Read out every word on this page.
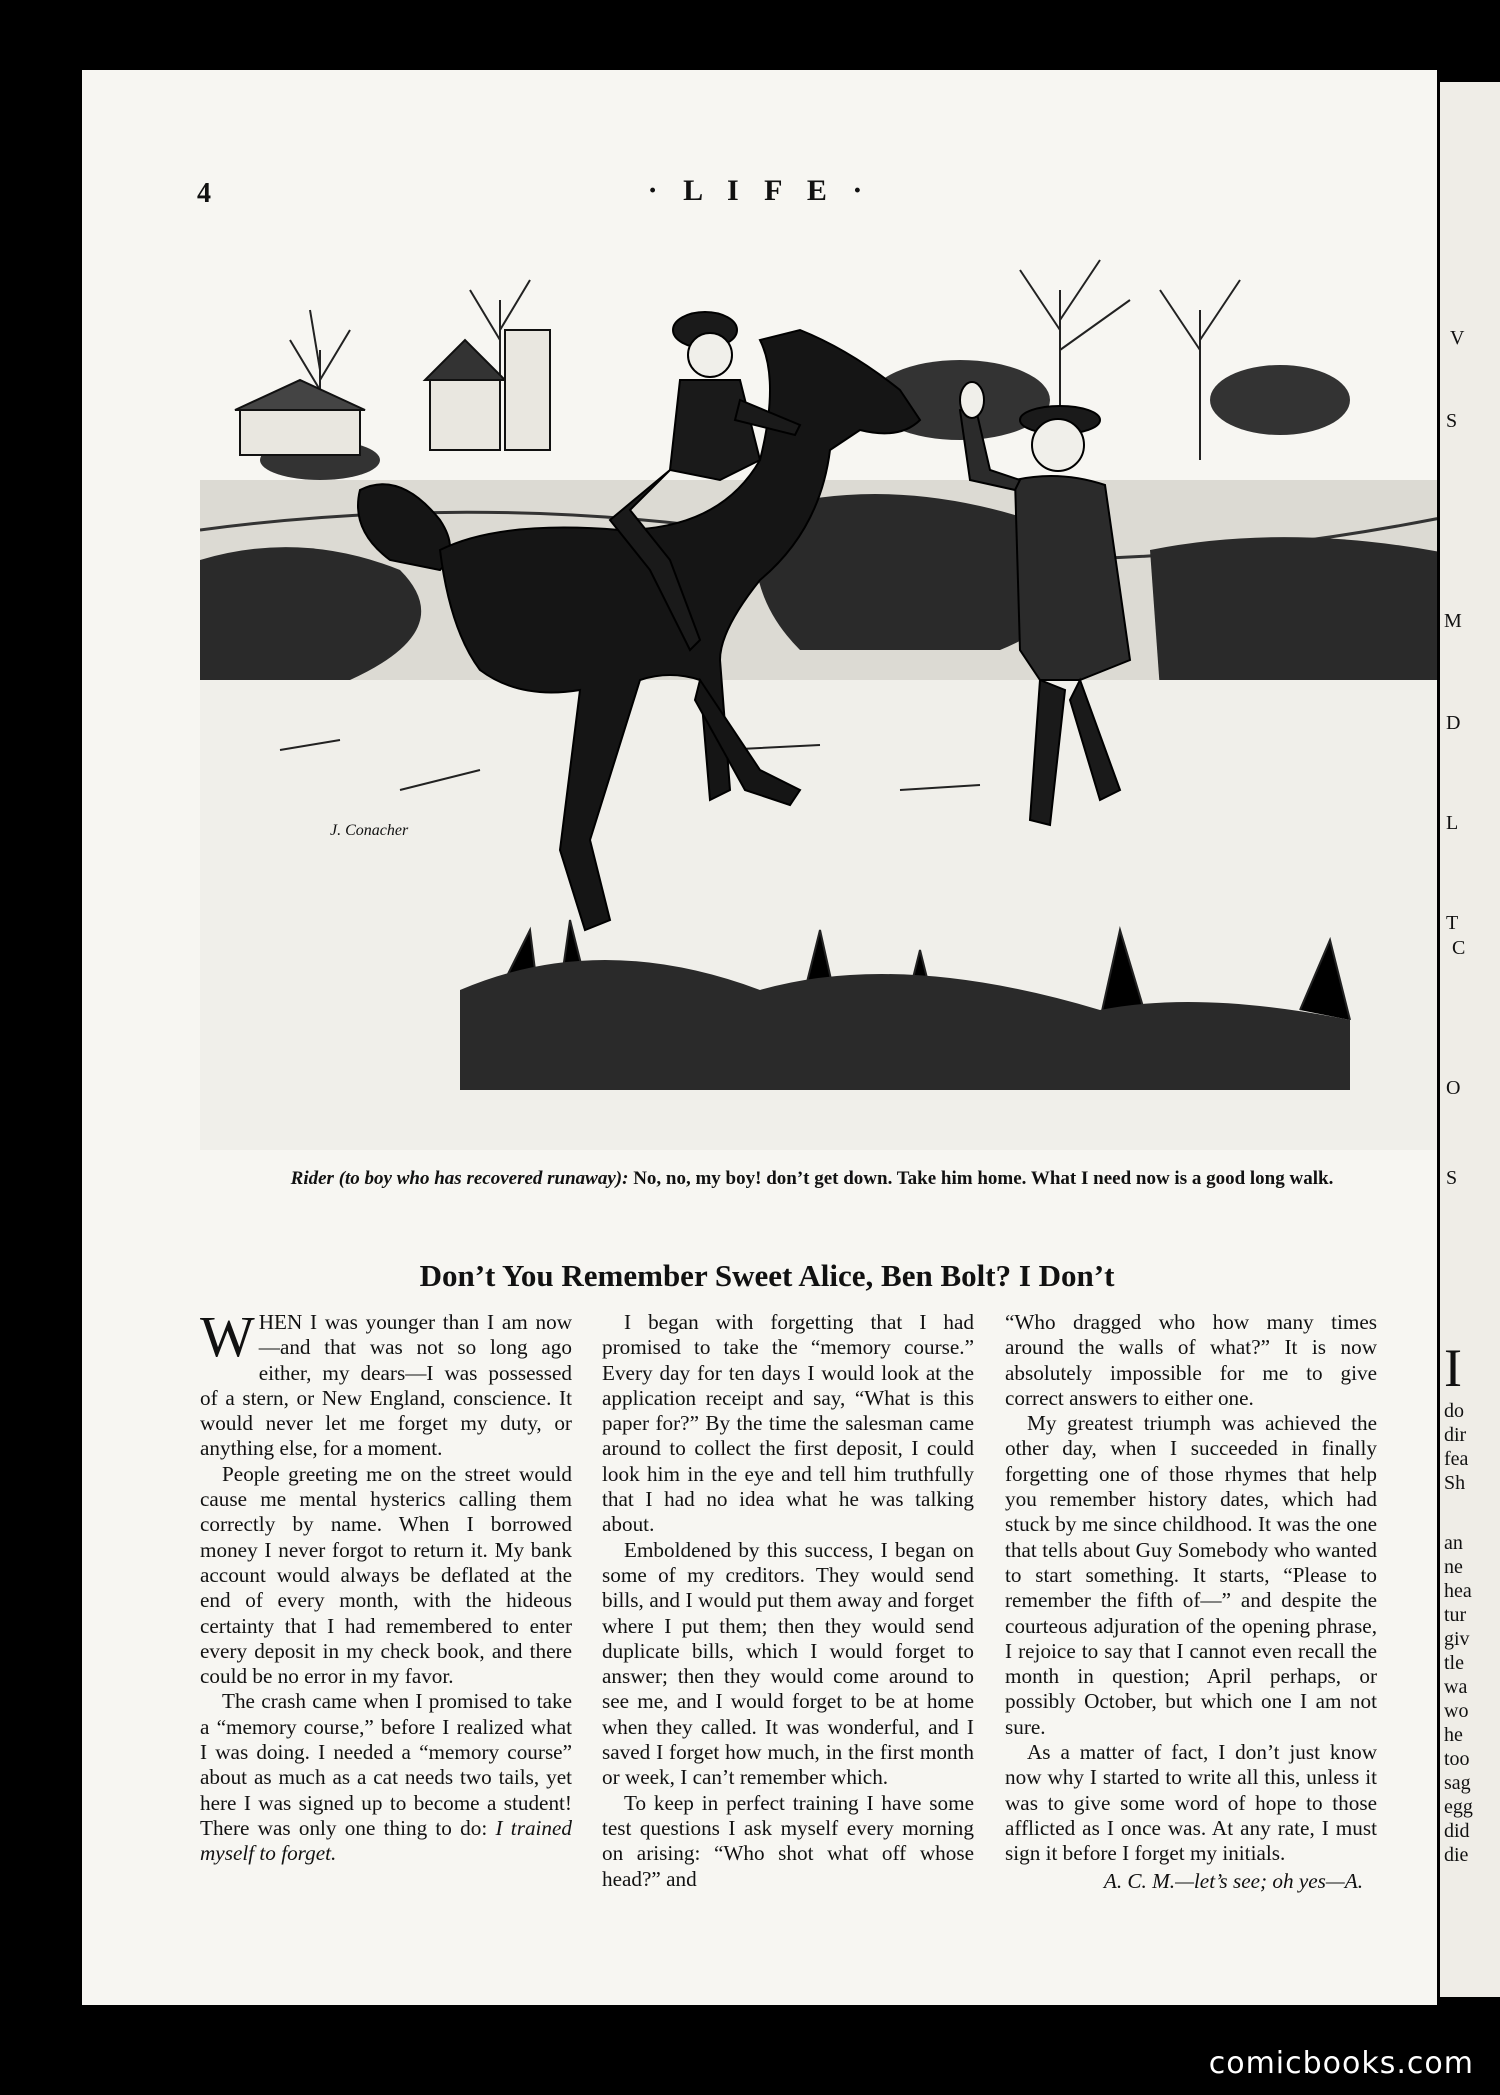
4	· L I F E ·
J. Conacher
Rider (to boy who has recovered runaway): No, no, my boy! don’t get down. Take him home. What I need now is a good long walk.
Don’t You Remember Sweet Alice, Ben Bolt? I Don’t

WHEN I was younger than I am now—and that was not so long ago either, my dears—I was possessed of a stern, or New England, conscience. It would never let me forget my duty, or anything else, for a moment.

People greeting me on the street would cause me mental hysterics calling them correctly by name. When I borrowed money I never forgot to return it. My bank account would always be deflated at the end of every month, with the hideous certainty that I had remembered to enter every deposit in my check book, and there could be no error in my favor.

The crash came when I promised to take a “memory course,” before I realized what I was doing. I needed a “memory course” about as much as a cat needs two tails, yet here I was signed up to become a student! There was only one thing to do: I trained myself to forget.

I began with forgetting that I had promised to take the “memory course.” Every day for ten days I would look at the application receipt and say, “What is this paper for?” By the time the salesman came around to collect the first deposit, I could look him in the eye and tell him truthfully that I had no idea what he was talking about.

Emboldened by this success, I began on some of my creditors. They would send bills, and I would put them away and forget where I put them; then they would send duplicate bills, which I would forget to answer; then they would come around to see me, and I would forget to be at home when they called. It was wonderful, and I saved I forget how much, in the first month or week, I can’t remember which.

To keep in perfect training I have some test questions I ask myself every morning on arising: “Who shot what off whose head?” and

“Who dragged who how many times around the walls of what?” It is now absolutely impossible for me to give correct answers to either one.

My greatest triumph was achieved the other day, when I succeeded in finally forgetting one of those rhymes that help you remember history dates, which had stuck by me since childhood. It was the one that tells about Guy Somebody who wanted to start something. It starts, “Please to remember the fifth of—” and despite the courteous adjuration of the opening phrase, I rejoice to say that I cannot even recall the month in question; April perhaps, or possibly October, but which one I am not sure.

As a matter of fact, I don’t just know now why I started to write all this, unless it was to give some word of hope to those afflicted as I once was. At any rate, I must sign it before I forget my initials.

A. C. M.—let’s see; oh yes—A.
V
S
M
D
L
T
C
O
S
I
do
dir
fea
Sh
an
ne
hea
tur
giv
tle
wa
wo
he
too
sag
egg
did
die
comicbooks.com
